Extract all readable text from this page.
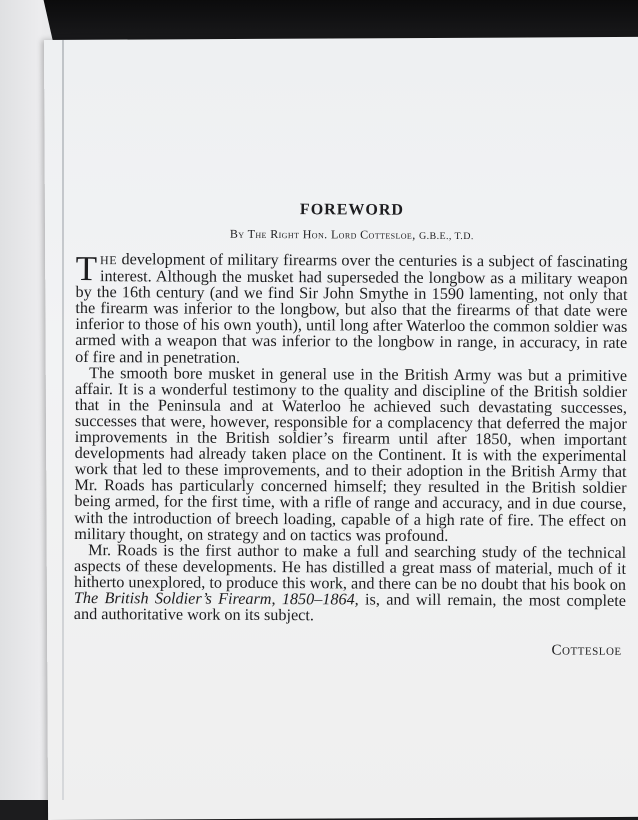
FOREWORD

By The Right Hon. Lord Cottesloe, G.B.E., T.D.

THE development of military firearms over the centuries is a subject of fascinating interest. Although the musket had superseded the longbow as a military weapon by the 16th century (and we find Sir John Smythe in 1590 lamenting, not only that the firearm was inferior to the longbow, but also that the firearms of that date were inferior to those of his own youth), until long after Waterloo the common soldier was armed with a weapon that was inferior to the longbow in range, in accuracy, in rate of fire and in penetration.

The smooth bore musket in general use in the British Army was but a primitive affair. It is a wonderful testimony to the quality and discipline of the British soldier that in the Peninsula and at Waterloo he achieved such devastating successes, successes that were, however, responsible for a complacency that deferred the major improvements in the British soldier’s firearm until after 1850, when important developments had already taken place on the Continent. It is with the experimental work that led to these improvements, and to their adoption in the British Army that Mr. Roads has particularly concerned himself; they resulted in the British soldier being armed, for the first time, with a rifle of range and accuracy, and in due course, with the introduction of breech loading, capable of a high rate of fire. The effect on military thought, on strategy and on tactics was profound.

Mr. Roads is the first author to make a full and searching study of the technical aspects of these developments. He has distilled a great mass of material, much of it hitherto unexplored, to produce this work, and there can be no doubt that his book on The British Soldier’s Firearm, 1850–1864, is, and will remain, the most complete and authoritative work on its subject.

Cottesloe
